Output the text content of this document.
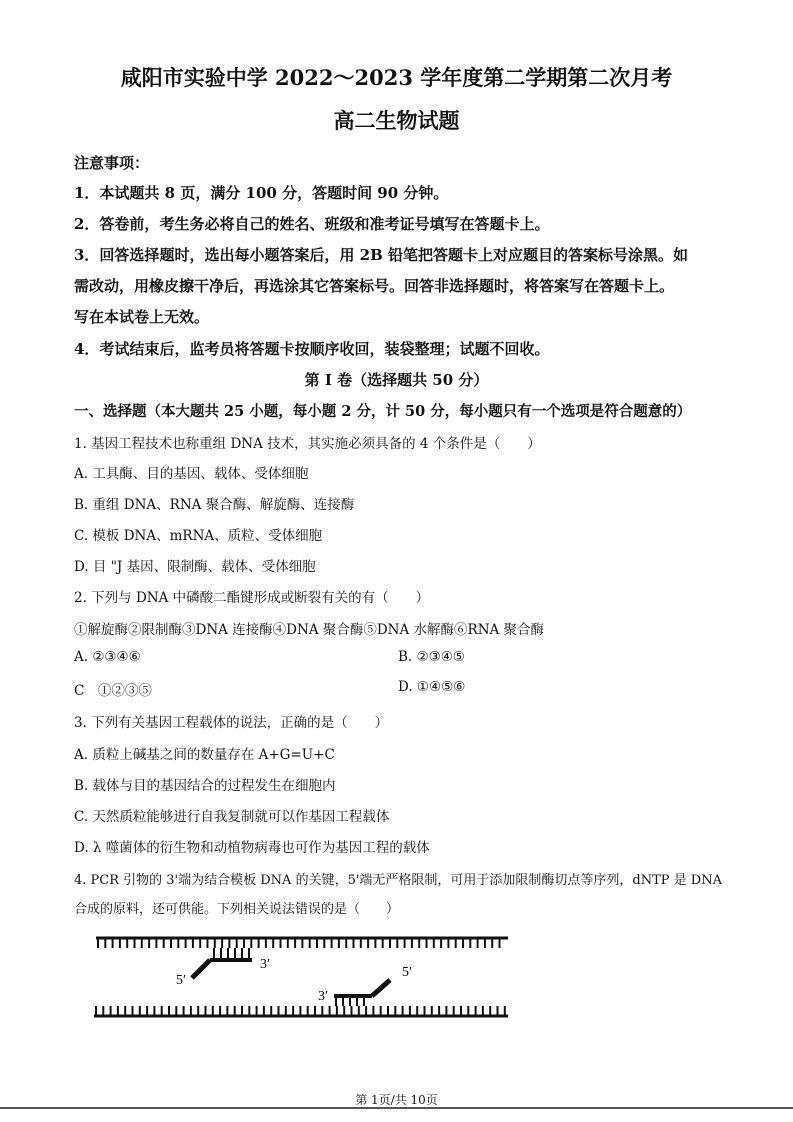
咸阳市实验中学 2022～2023 学年度第二学期第二次月考
高二生物试题
注意事项：
1．本试题共 8 页，满分 100 分，答题时间 90 分钟。
2．答卷前，考生务必将自己的姓名、班级和准考证号填写在答题卡上。
3．回答选择题时，选出每小题答案后，用 2B 铅笔把答题卡上对应题目的答案标号涂黑。如
需改动，用橡皮擦干净后，再选涂其它答案标号。回答非选择题时，将答案写在答题卡上。
写在本试卷上无效。
4．考试结束后，监考员将答题卡按顺序收回，装袋整理；试题不回收。
第 I 卷（选择题共 50 分）
一、选择题（本大题共 25 小题，每小题 2 分，计 50 分，每小题只有一个选项是符合题意的）
1. 基因工程技术也称重组 DNA 技术，其实施必须具备的 4 个条件是（　　）
A. 工具酶、目的基因、载体、受体细胞
B. 重组 DNA、RNA 聚合酶、解旋酶、连接酶
C. 模板 DNA、mRNA、质粒、受体细胞
D. 目 "J 基因、限制酶、载体、受体细胞
2. 下列与 DNA 中磷酸二酯键形成或断裂有关的有（　　）
①解旋酶②限制酶③DNA 连接酶④DNA 聚合酶⑤DNA 水解酶⑥RNA 聚合酶
A. ②③④⑥	B. ②③④⑤
C　①②③⑤	D. ①④⑤⑥
3. 下列有关基因工程载体的说法，正确的是（　　）
A. 质粒上碱基之间的数量存在 A+G=U+C
B. 载体与目的基因结合的过程发生在细胞内
C. 天然质粒能够进行自我复制就可以作基因工程载体
D. λ 噬菌体的衍生物和动植物病毒也可作为基因工程的载体
4. PCR 引物的 3'端为结合模板 DNA 的关键，5'端无严格限制，可用于添加限制酶切点等序列，dNTP 是 DNA
合成的原料，还可供能。下列相关说法错误的是（　　）
3′
5′
3′
5′
第 1页/共 10页
